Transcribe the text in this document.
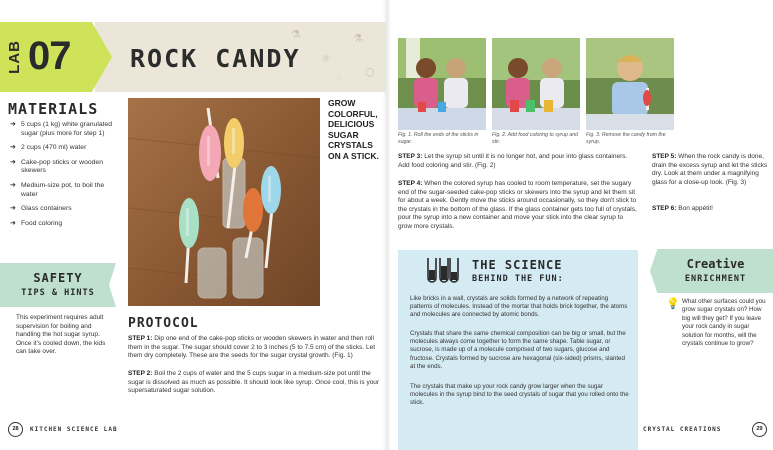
⚗
⚛
⚗
⬡
◌
LAB 07 ROCK CANDY
MATERIALS
➜ 5 cups (1 kg) white granulated sugar (plus more for step 1)
➜ 2 cups (470 ml) water
➜ Cake-pop sticks or wooden skewers
➜ Medium-size pot, to boil the water
➜ Glass containers
➜ Food coloring
SAFETY
TIPS & HINTS
This experiment requires adult supervision for boiling and handling the hot sugar syrup. Once it's cooled down, the kids can take over.
GROW COLORFUL, DELICIOUS SUGAR CRYSTALS ON A STICK.
PROTOCOL
STEP 1: Dip one end of the cake-pop sticks or wooden skewers in water and then roll them in the sugar. The sugar should cover 2 to 3 inches (5 to 7.5 cm) of the sticks. Let them dry completely. These are the seeds for the sugar crystal growth. (Fig. 1)
STEP 2: Boil the 2 cups of water and the 5 cups sugar in a medium-size pot until the sugar is dissolved as much as possible. It should look like syrup. Once cool, this is your supersaturated sugar solution.
28	KITCHEN SCIENCE LAB
Fig. 1. Roll the ends of the sticks in sugar.
Fig. 2. Add food coloring to syrup and stir.
Fig. 3. Remove the candy from the syrup.
STEP 3: Let the syrup sit until it is no longer hot, and pour into glass containers. Add food coloring and stir. (Fig. 2)
STEP 4: When the colored syrup has cooled to room temperature, set the sugary end of the sugar-seeded cake-pop sticks or skewers into the syrup and let them sit for about a week. Gently move the sticks around occasionally, so they don't stick to the crystals in the bottom of the glass. If the glass container gets too full of crystals, pour the syrup into a new container and move your stick into the clear syrup to grow more crystals.
STEP 5: When the rock candy is done, drain the excess syrup and let the sticks dry. Look at them under a magnifying glass for a close-up look. (Fig. 3)
STEP 6: Bon appétit!
THE SCIENCE
BEHIND THE FUN:
Like bricks in a wall, crystals are solids formed by a network of repeating patterns of molecules. Instead of the mortar that holds brick together, the atoms and molecules are connected by atomic bonds.
Crystals that share the same chemical composition can be big or small, but the molecules always come together to form the same shape. Table sugar, or sucrose, is made up of a molecule comprised of two sugars, glucose and fructose. Crystals formed by sucrose are hexagonal (six-sided) prisms, slanted at the ends.
The crystals that make up your rock candy grow larger when the sugar molecules in the syrup bind to the seed crystals of sugar that you rolled onto the stick.
Creative
ENRICHMENT
💡 What other surfaces could you grow sugar crystals on? How big will they get? If you leave your rock candy in sugar solution for months, will the crystals continue to grow?
CRYSTAL CREATIONS	29
